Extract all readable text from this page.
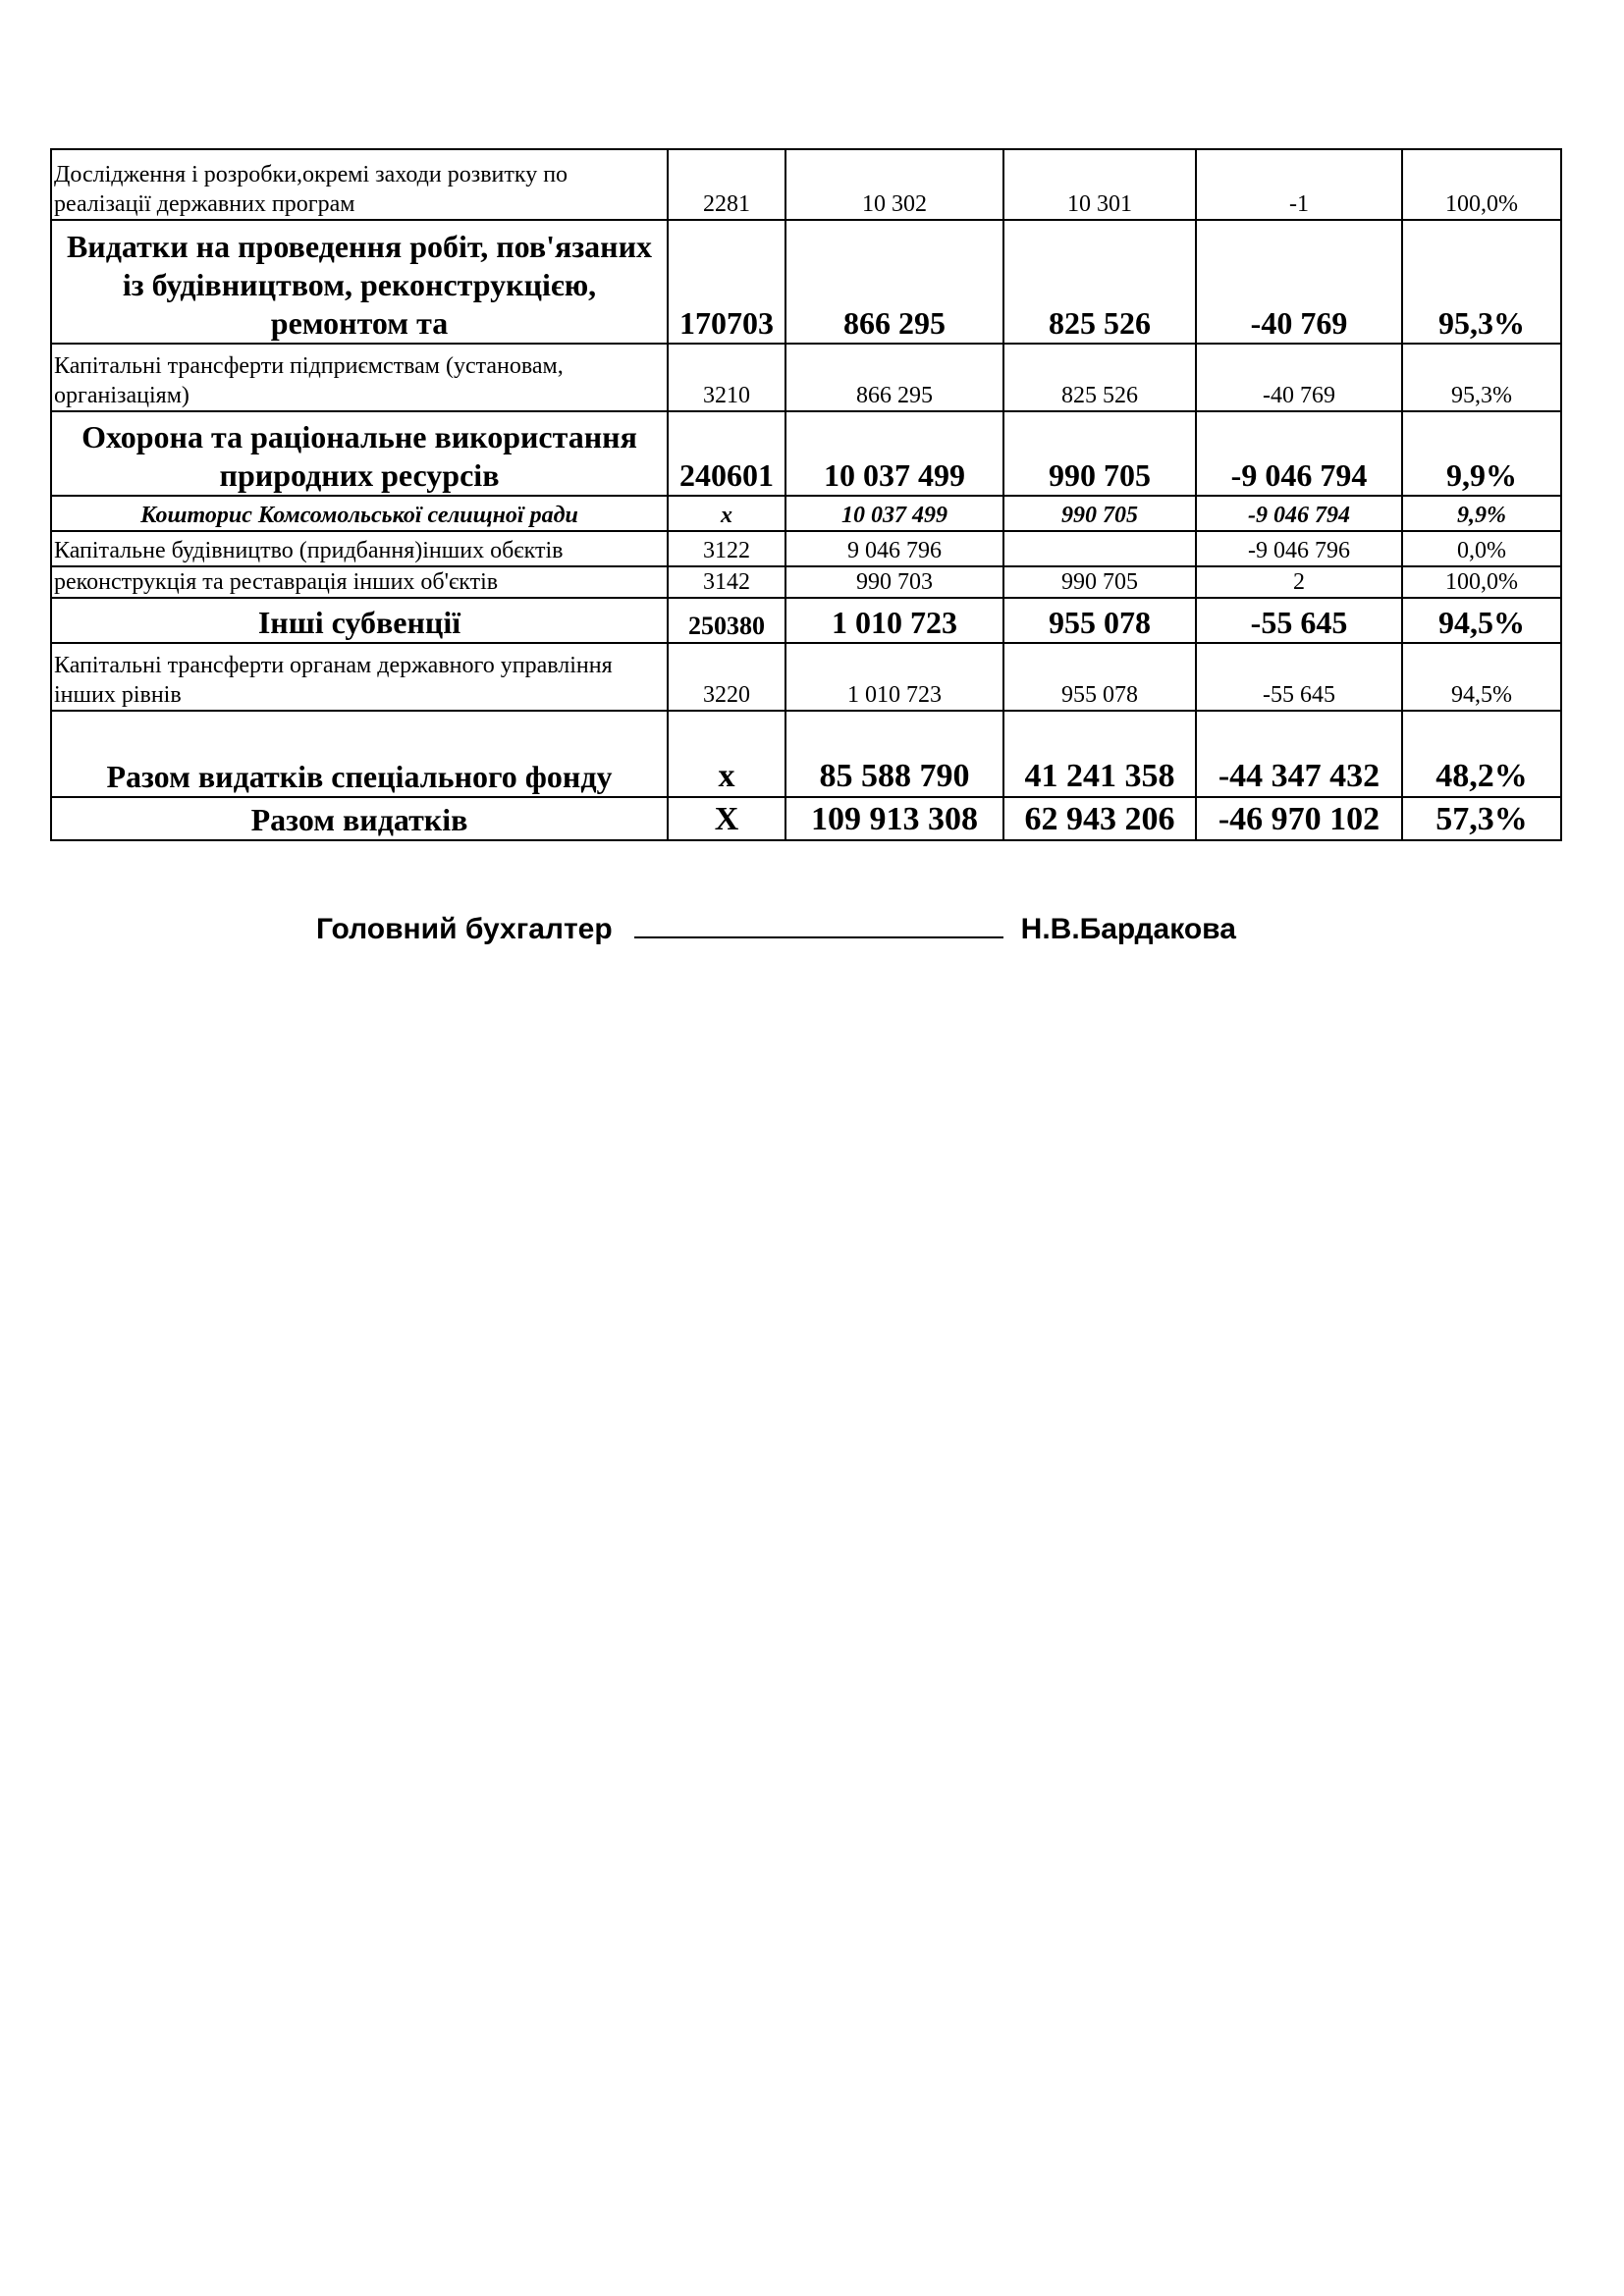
Дослідження і розробки,окремі заходи розвитку по реалізації державних програм	2281	10 302	10 301	-1	100,0%
Видатки на проведення робіт, пов'язаних із будівництвом, реконструкцією, ремонтом та	170703	866 295	825 526	-40 769	95,3%
Капітальні трансферти підприємствам (установам, організаціям)	3210	866 295	825 526	-40 769	95,3%
Охорона та раціональне використання природних ресурсів	240601	10 037 499	990 705	-9 046 794	9,9%
Кошторис Комсомольської селищної ради	х	10 037 499	990 705	-9 046 794	9,9%
Капітальне будівництво (придбання)інших обєктів	3122	9 046 796		-9 046 796	0,0%
реконструкція та реставрація інших об'єктів	3142	990 703	990 705	2	100,0%
Інші субвенції	250380	1 010 723	955 078	-55 645	94,5%
Капітальні трансферти органам державного управління інших рівнів	3220	1 010 723	955 078	-55 645	94,5%
Разом видатків спеціального фонду	х	85 588 790	41 241 358	-44 347 432	48,2%
Разом видатків	Х	109 913 308	62 943 206	-46 970 102	57,3%
Головний бухгалтер	Н.В.Бардакова
